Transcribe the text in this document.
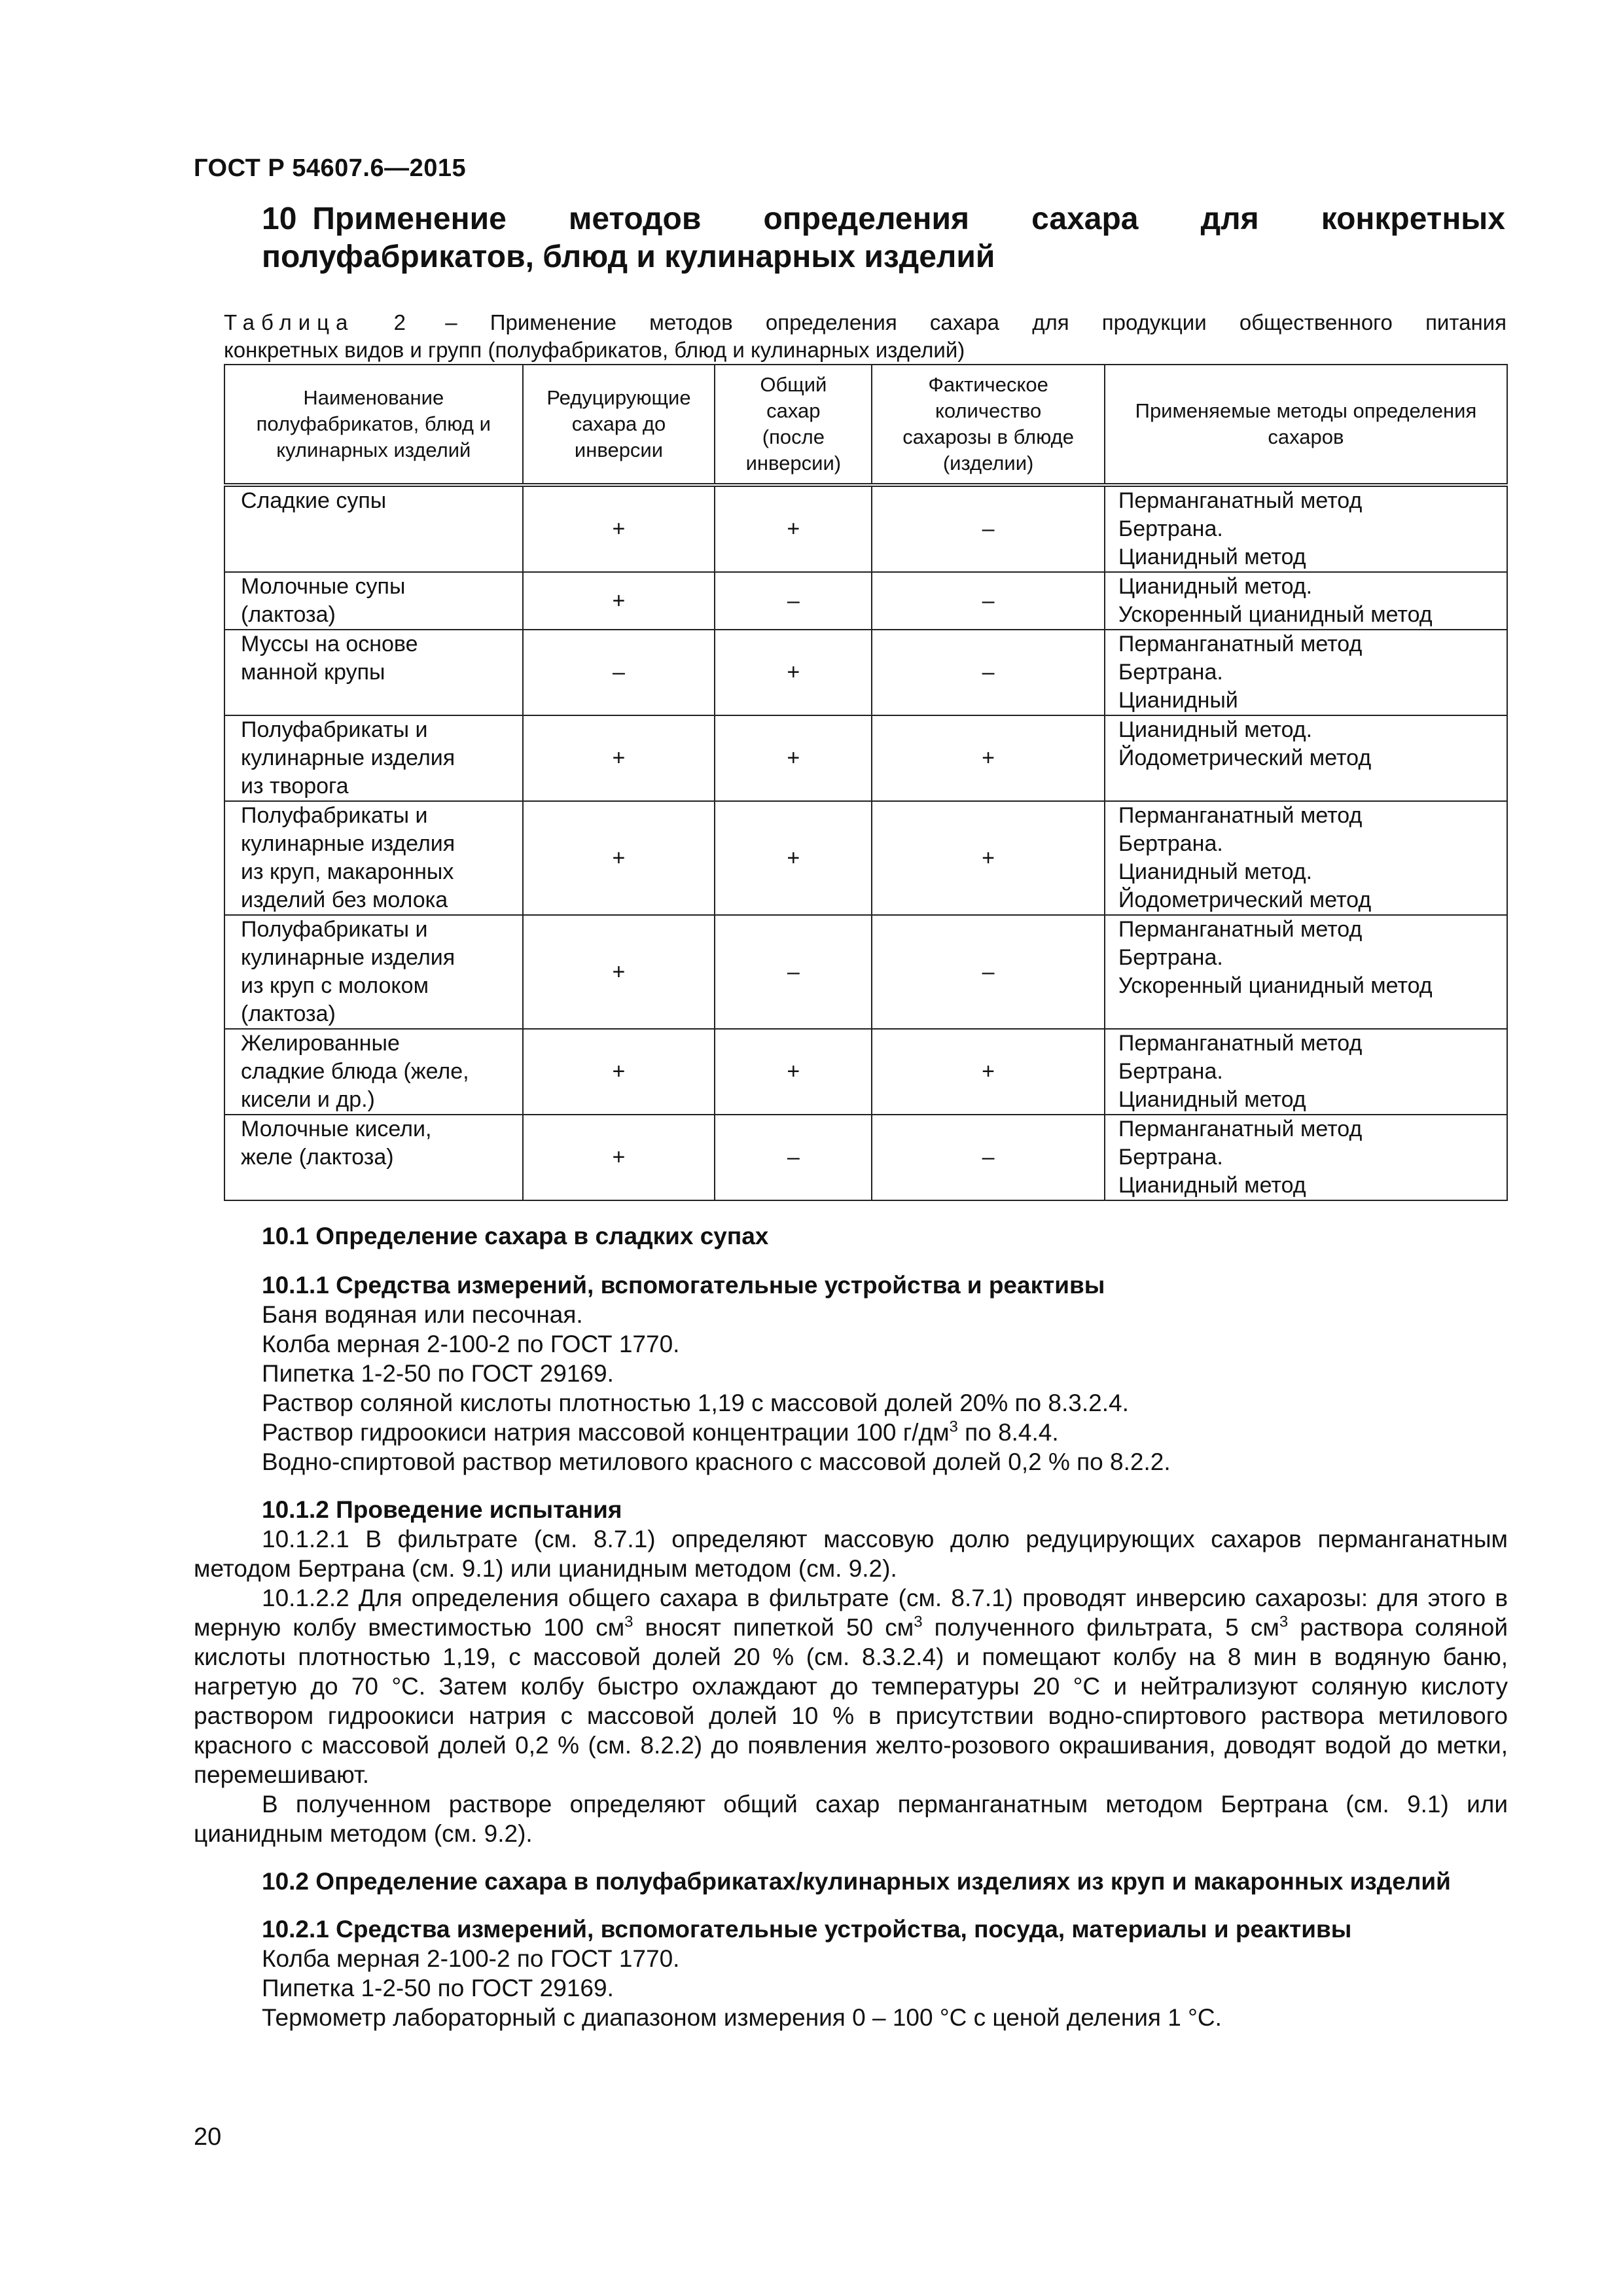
ГОСТ Р 54607.6—2015
10 Применение методов определения сахара для конкретных полуфабрикатов, блюд и кулинарных изделий
Таблица 2 – Применение методов определения сахара для продукции общественного питания
конкретных видов и групп (полуфабрикатов, блюд и кулинарных изделий)
Наименование полуфабрикатов, блюд и кулинарных изделий	Редуцирующие сахара до инверсии	Общий сахар (после инверсии)	Фактическое количество сахарозы в блюде (изделии)	Применяемые методы определения сахаров

Сладкие супы	+	+	–	Перманганатный метод
Бертрана.
Цианидный метод

Молочные супы
(лактоза)	+	–	–	Цианидный метод.
Ускоренный цианидный метод

Муссы на основе
манной крупы	–	+	–	Перманганатный метод
Бертрана.
Цианидный

Полуфабрикаты и
кулинарные изделия
из творога	+	+	+	Цианидный метод.
Йодометрический метод

Полуфабрикаты и
кулинарные изделия
из круп, макаронных
изделий без молока	+	+	+	Перманганатный метод
Бертрана.
Цианидный метод.
Йодометрический метод

Полуфабрикаты и
кулинарные изделия
из круп с молоком
(лактоза)	+	–	–	Перманганатный метод
Бертрана.
Ускоренный цианидный метод

Желированные
сладкие блюда (желе,
кисели и др.)	+	+	+	Перманганатный метод
Бертрана.
Цианидный метод

Молочные кисели,
желе (лактоза)	+	–	–	Перманганатный метод
Бертрана.
Цианидный метод

10.1 Определение сахара в сладких супах

10.1.1 Средства измерений, вспомогательные устройства и реактивы

Баня водяная или песочная.

Колба мерная 2-100-2 по ГОСТ 1770.

Пипетка 1-2-50 по ГОСТ 29169.

Раствор соляной кислоты плотностью 1,19 с массовой долей 20% по 8.3.2.4.

Раствор гидроокиси натрия массовой концентрации 100 $г/дм^3$ по 8.4.4.

Водно-спиртовой раствор метилового красного с массовой долей 0,2 % по 8.2.2.

10.1.2 Проведение испытания

10.1.2.1 В фильтрате (см. 8.7.1) определяют массовую долю редуцирующих сахаров перманганатным методом Бертрана (см. 9.1) или цианидным методом (см. 9.2).

10.1.2.2 Для определения общего сахара в фильтрате (см. 8.7.1) проводят инверсию сахарозы: для этого в мерную колбу вместимостью 100 $см^3$ вносят пипеткой 50 $см^3$ полученного фильтрата, 5 $см^3$ раствора соляной кислоты плотностью 1,19, с массовой долей 20 % (см. 8.3.2.4) и помещают колбу на 8 мин в водяную баню, нагретую до 70 °С. Затем колбу быстро охлаждают до температуры 20 °С и нейтрализуют соляную кислоту раствором гидроокиси натрия с массовой долей 10 % в присутствии водно-спиртового раствора метилового красного с массовой долей 0,2 % (см. 8.2.2) до появления желто-розового окрашивания, доводят водой до метки, перемешивают.

В полученном растворе определяют общий сахар перманганатным методом Бертрана (см. 9.1) или цианидным методом (см. 9.2).

10.2 Определение сахара в полуфабрикатах/кулинарных изделиях из круп и макаронных изделий

10.2.1 Средства измерений, вспомогательные устройства, посуда, материалы и реактивы

Колба мерная 2-100-2 по ГОСТ 1770.

Пипетка 1-2-50 по ГОСТ 29169.

Термометр лабораторный с диапазоном измерения 0 – 100 °С с ценой деления 1 °С.

20
